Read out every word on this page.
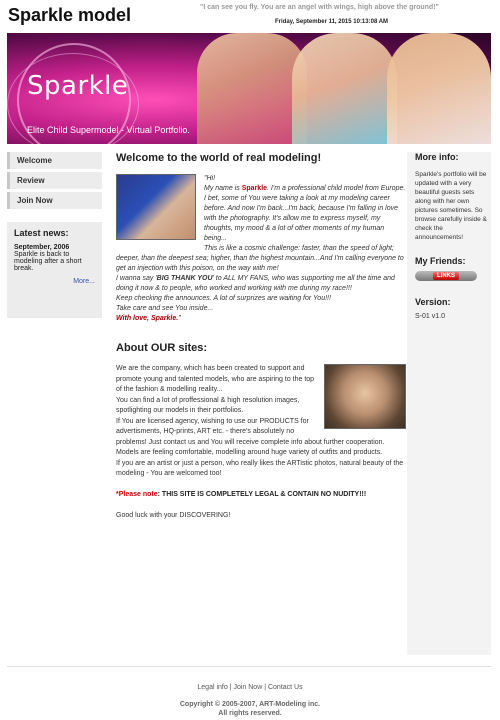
Sparkle model	"I can see you fly. You are an angel with wings, high above the ground!"
Friday, September 11, 2015 10:13:08 AM
Sparkle
Elite Child Supermodel - Virtual Portfolio.
Welcome
Review
Join Now
Latest news:
September, 2006
Sparkle is back to modeling after a short break.
More...
Welcome to the world of real modeling!
"Hi!
My name is Sparkle. I'm a professional child model from Europe. I bet, some of You were taking a look at my modeling career before. And now I'm back...I'm back, because I'm falling in love with the photography. It's allow me to express myself, my thoughts, my mood & a lot of other moments of my human being...
This is like a cosmic challenge: faster, than the speed of light; deeper, than the deepest sea; higher, than the highest mountain...And I'm calling everyone to get an injection with this poison, on the way with me!
I wanna say 'BIG THANK YOU' to ALL MY FANS, who was supporting me all the time and doing it now & to people, who worked and working with me during my race!!!
Keep checking the announces. A lot of surprizes are waiting for You!!!
Take care and see You inside...
With love, Sparkle."
About OUR sites:
We are the company, which has been created to support and promote young and talented models, who are aspiring to the top of the fashion & modelling reality...
You can find a lot of proffessional & high resolution images, spotlighting our models in their portfolios.
If You are licensed agency, wishing to use our PRODUCTS for advertisments, HQ-prints, ART etc. - there's absolutely no problems! Just contact us and You will receive complete info about further cooperation. Models are feeling comfortable, modelling around huge variety of outfits and products.
If you are an artist or just a person, who really likes the ARTistic photos, natural beauty of the modeling - You are welcomed too!
*Please note: THIS SITE IS COMPLETELY LEGAL & CONTAIN NO NUDITY!!!
Good luck with your DISCOVERING!
More info:
Sparkle's portfolio will be updated with a very beautiful guests sets along with her own pictures sometimes. So browse carefully inside & check the announcements!
My Friends:
LINKS
Version:
S-01 v1.0
Legal info | Join Now | Contact Us
Copyright © 2005-2007, ART-Modeling inc.
All rights reserved.
